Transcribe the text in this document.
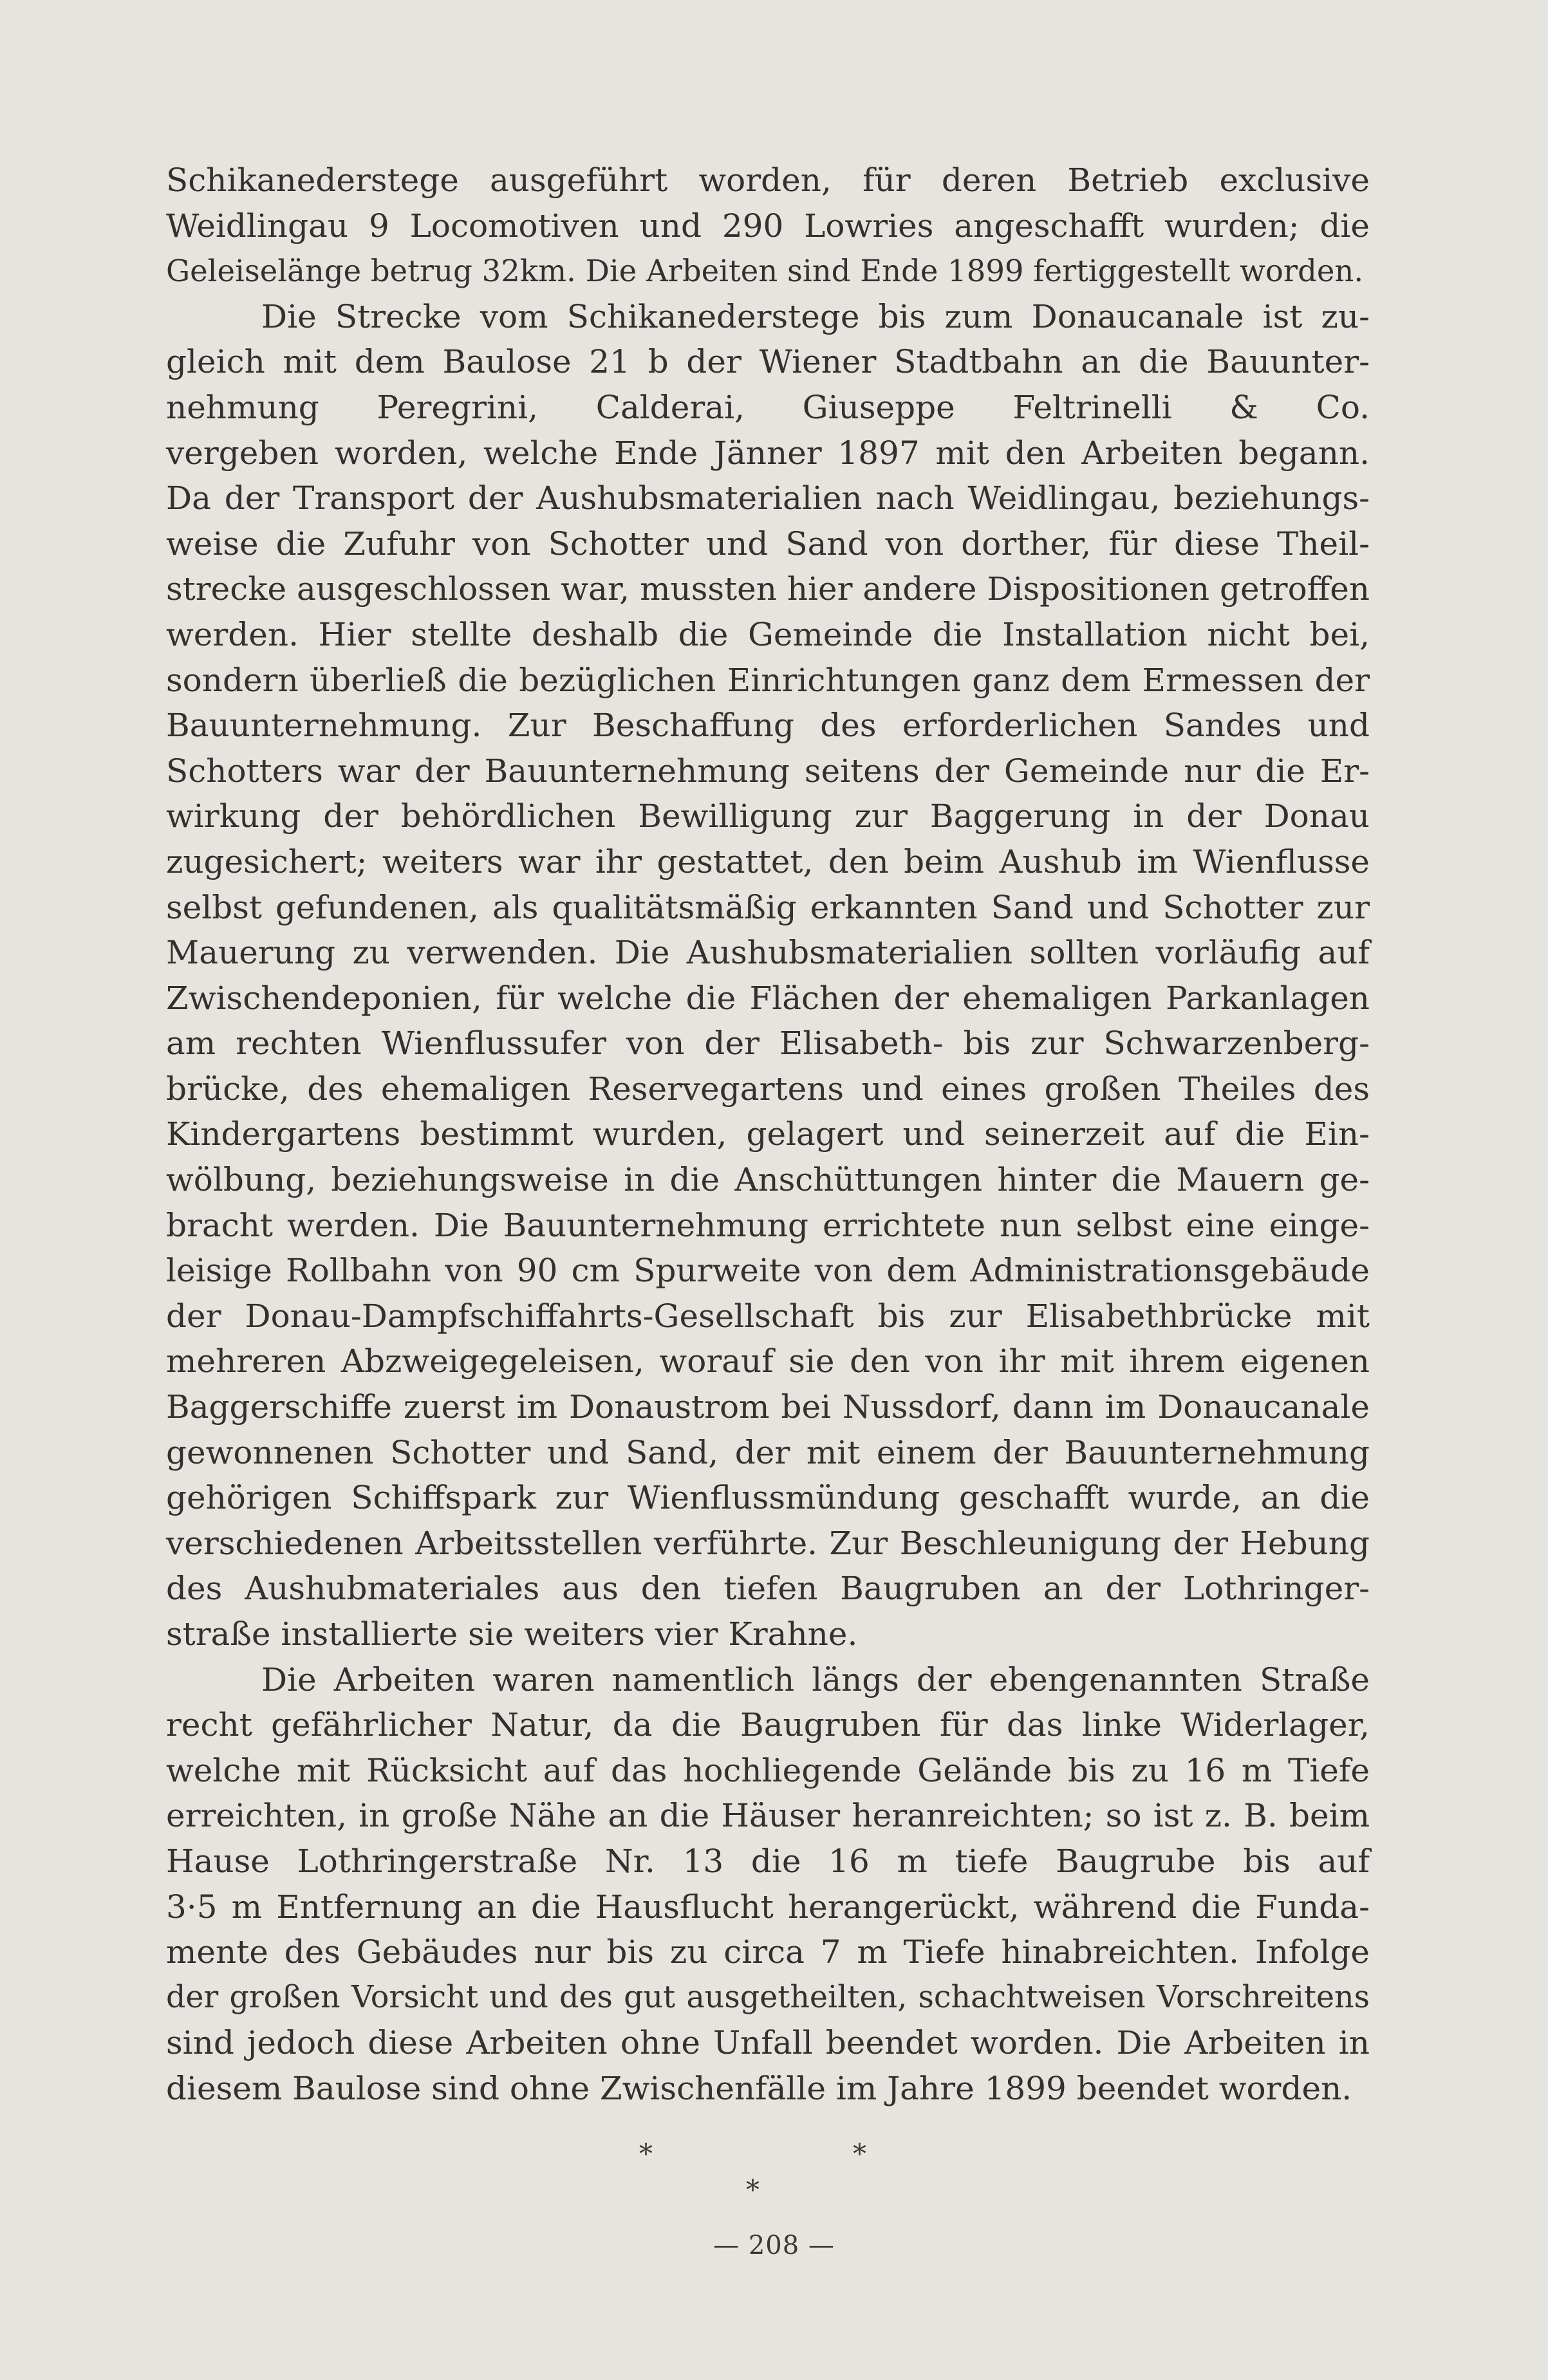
Schikanederstege ausgeführt worden, für deren Betrieb exclusive
Weidlingau 9 Locomotiven und 290 Lowries angeschafft wurden; die
Geleiselänge betrug 32km. Die Arbeiten sind Ende 1899 fertiggestellt worden.
Die Strecke vom Schikanederstege bis zum Donaucanale ist zu-
gleich mit dem Baulose 21 b der Wiener Stadtbahn an die Bauunter-
nehmung Peregrini, Calderai, Giuseppe Feltrinelli & Co.
vergeben worden, welche Ende Jänner 1897 mit den Arbeiten begann.
Da der Transport der Aushubsmaterialien nach Weidlingau, beziehungs-
weise die Zufuhr von Schotter und Sand von dorther, für diese Theil-
strecke ausgeschlossen war, mussten hier andere Dispositionen getroffen
werden. Hier stellte deshalb die Gemeinde die Installation nicht bei,
sondern überließ die bezüglichen Einrichtungen ganz dem Ermessen der
Bauunternehmung. Zur Beschaffung des erforderlichen Sandes und
Schotters war der Bauunternehmung seitens der Gemeinde nur die Er-
wirkung der behördlichen Bewilligung zur Baggerung in der Donau
zugesichert; weiters war ihr gestattet, den beim Aushub im Wienflusse
selbst gefundenen, als qualitätsmäßig erkannten Sand und Schotter zur
Mauerung zu verwenden. Die Aushubsmaterialien sollten vorläufig auf
Zwischendeponien, für welche die Flächen der ehemaligen Parkanlagen
am rechten Wienflussufer von der Elisabeth- bis zur Schwarzenberg-
brücke, des ehemaligen Reservegartens und eines großen Theiles des
Kindergartens bestimmt wurden, gelagert und seinerzeit auf die Ein-
wölbung, beziehungsweise in die Anschüttungen hinter die Mauern ge-
bracht werden. Die Bauunternehmung errichtete nun selbst eine einge-
leisige Rollbahn von 90 cm Spurweite von dem Administrationsgebäude
der Donau-Dampfschiffahrts-Gesellschaft bis zur Elisabethbrücke mit
mehreren Abzweigegeleisen, worauf sie den von ihr mit ihrem eigenen
Baggerschiffe zuerst im Donaustrom bei Nussdorf, dann im Donaucanale
gewonnenen Schotter und Sand, der mit einem der Bauunternehmung
gehörigen Schiffspark zur Wienflussmündung geschafft wurde, an die
verschiedenen Arbeitsstellen verführte. Zur Beschleunigung der Hebung
des Aushubmateriales aus den tiefen Baugruben an der Lothringer-
straße installierte sie weiters vier Krahne.
Die Arbeiten waren namentlich längs der ebengenannten Straße
recht gefährlicher Natur, da die Baugruben für das linke Widerlager,
welche mit Rücksicht auf das hochliegende Gelände bis zu 16 m Tiefe
erreichten, in große Nähe an die Häuser heranreichten; so ist z. B. beim
Hause Lothringerstraße Nr. 13 die 16 m tiefe Baugrube bis auf
3·5 m Entfernung an die Hausflucht herangerückt, während die Funda-
mente des Gebäudes nur bis zu circa 7 m Tiefe hinabreichten. Infolge
der großen Vorsicht und des gut ausgetheilten, schachtweisen Vorschreitens
sind jedoch diese Arbeiten ohne Unfall beendet worden. Die Arbeiten in
diesem Baulose sind ohne Zwischenfälle im Jahre 1899 beendet worden.
*	*
*
— 208 —
